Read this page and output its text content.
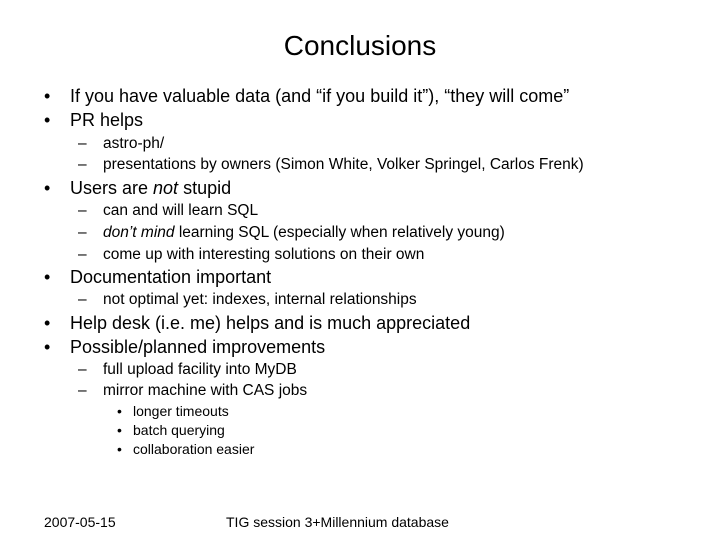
Conclusions
• If you have valuable data (and “if you build it”), “they will come”
• PR helps
– astro-ph/
– presentations by owners (Simon White, Volker Springel, Carlos Frenk)
• Users are not stupid
– can and will learn SQL
– don’t mind learning SQL (especially when relatively young)
– come up with interesting solutions on their own
• Documentation important
– not optimal yet: indexes, internal relationships
• Help desk (i.e. me) helps and is much appreciated
• Possible/planned improvements
– full upload facility into MyDB
– mirror machine with CAS jobs
• longer timeouts
• batch querying
• collaboration easier
2007-05-15	TIG session 3+Millennium database
